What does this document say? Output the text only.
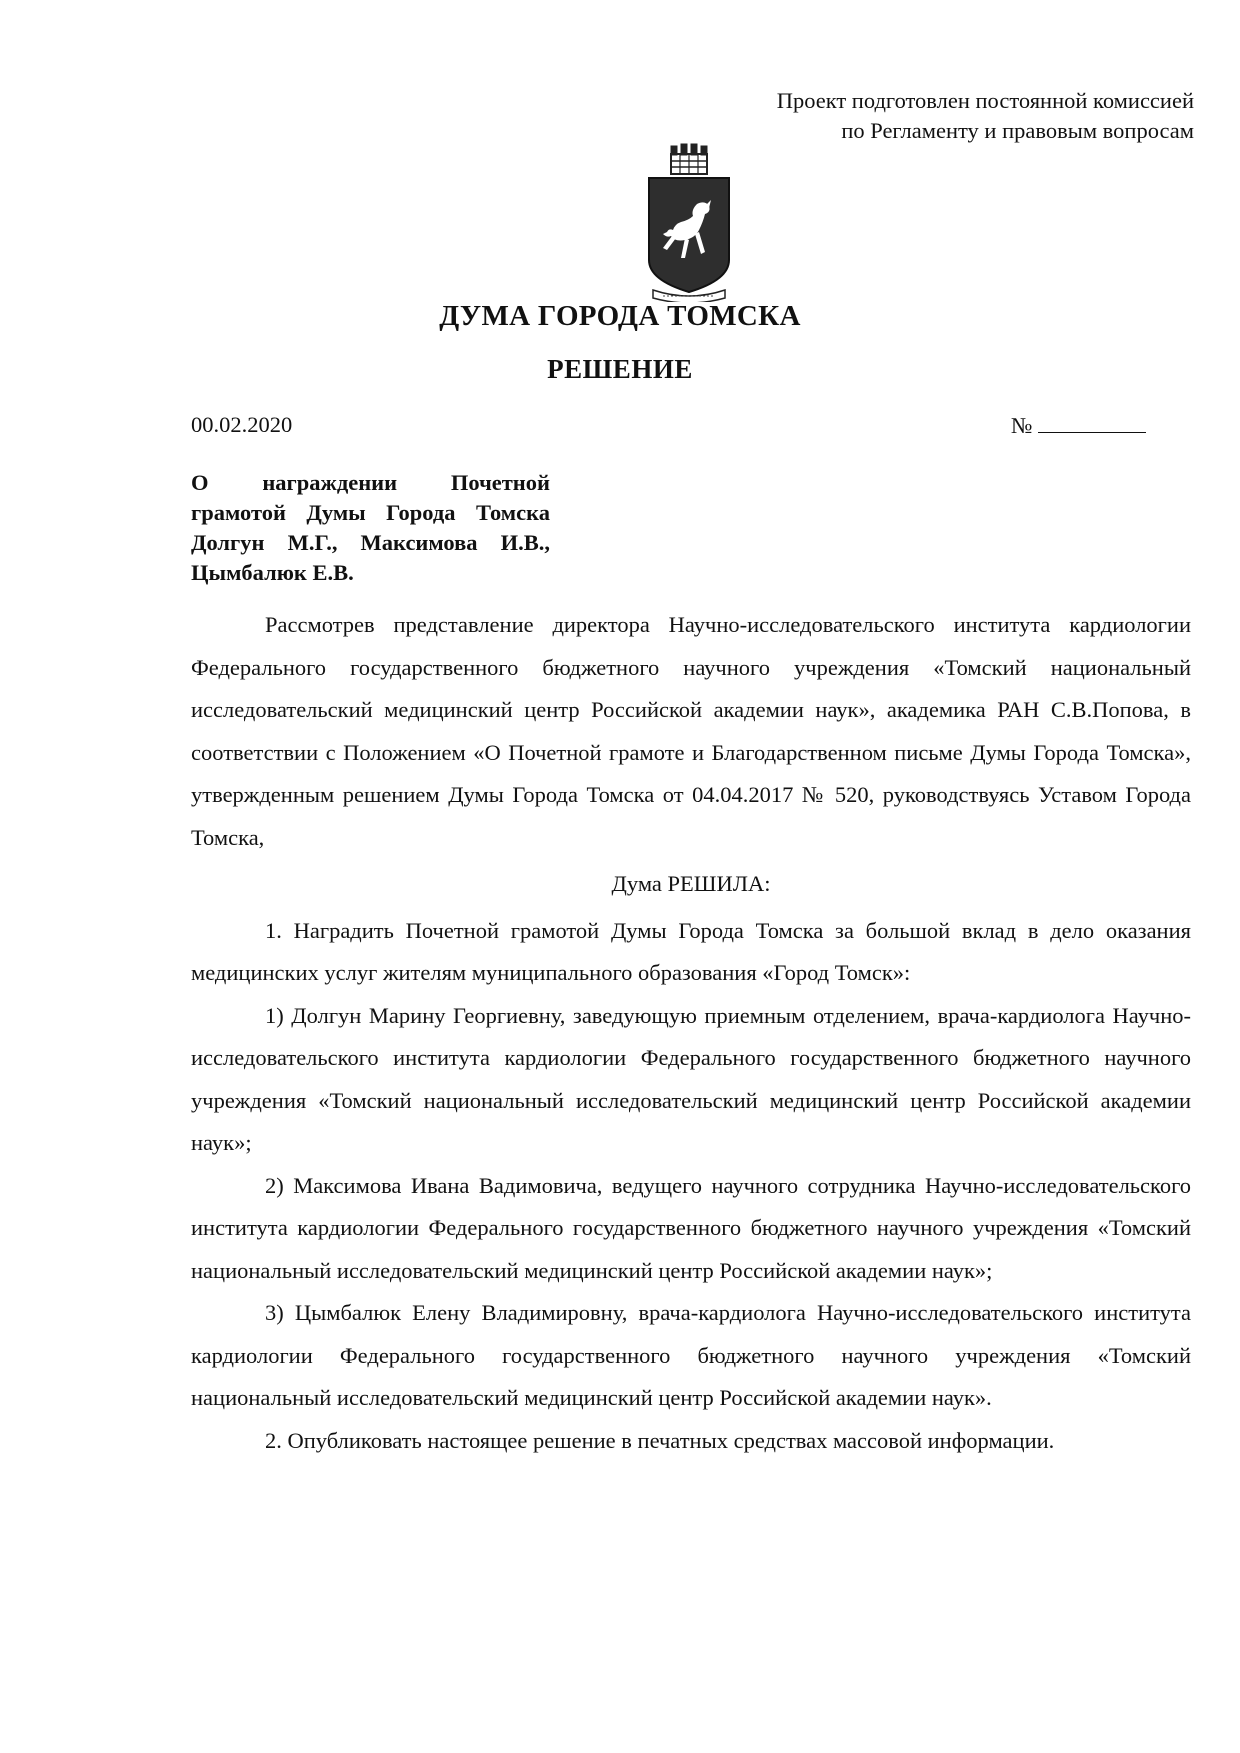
Проект подготовлен постоянной комиссией
по Регламенту и правовым вопросам
ДУМА ГОРОДА ТОМСКА
РЕШЕНИЕ
00.02.2020	№
О награждении Почетной
грамотой Думы Города Томска
Долгун М.Г., Максимова И.В.,
Цымбалюк Е.В.

Рассмотрев представление директора Научно-исследовательского института кардиологии Федерального государственного бюджетного научного учреждения «Томский национальный исследовательский медицинский центр Российской академии наук», академика РАН С.В.Попова, в соответствии с Положением «О Почетной грамоте и Благодарственном письме Думы Города Томска», утвержденным решением Думы Города Томска от 04.04.2017 № 520, руководствуясь Уставом Города Томска,

Дума РЕШИЛА:

1. Наградить Почетной грамотой Думы Города Томска за большой вклад в дело оказания медицинских услуг жителям муниципального образования «Город Томск»:

1) Долгун Марину Георгиевну, заведующую приемным отделением, врача-кардиолога Научно-исследовательского института кардиологии Федерального государственного бюджетного научного учреждения «Томский национальный исследовательский медицинский центр Российской академии наук»;

2) Максимова Ивана Вадимовича, ведущего научного сотрудника Научно-исследовательского института кардиологии Федерального государственного бюджетного научного учреждения «Томский национальный исследовательский медицинский центр Российской академии наук»;

3) Цымбалюк Елену Владимировну, врача-кардиолога Научно-исследовательского института кардиологии Федерального государственного бюджетного научного учреждения «Томский национальный исследовательский медицинский центр Российской академии наук».

2. Опубликовать настоящее решение в печатных средствах массовой информации.
